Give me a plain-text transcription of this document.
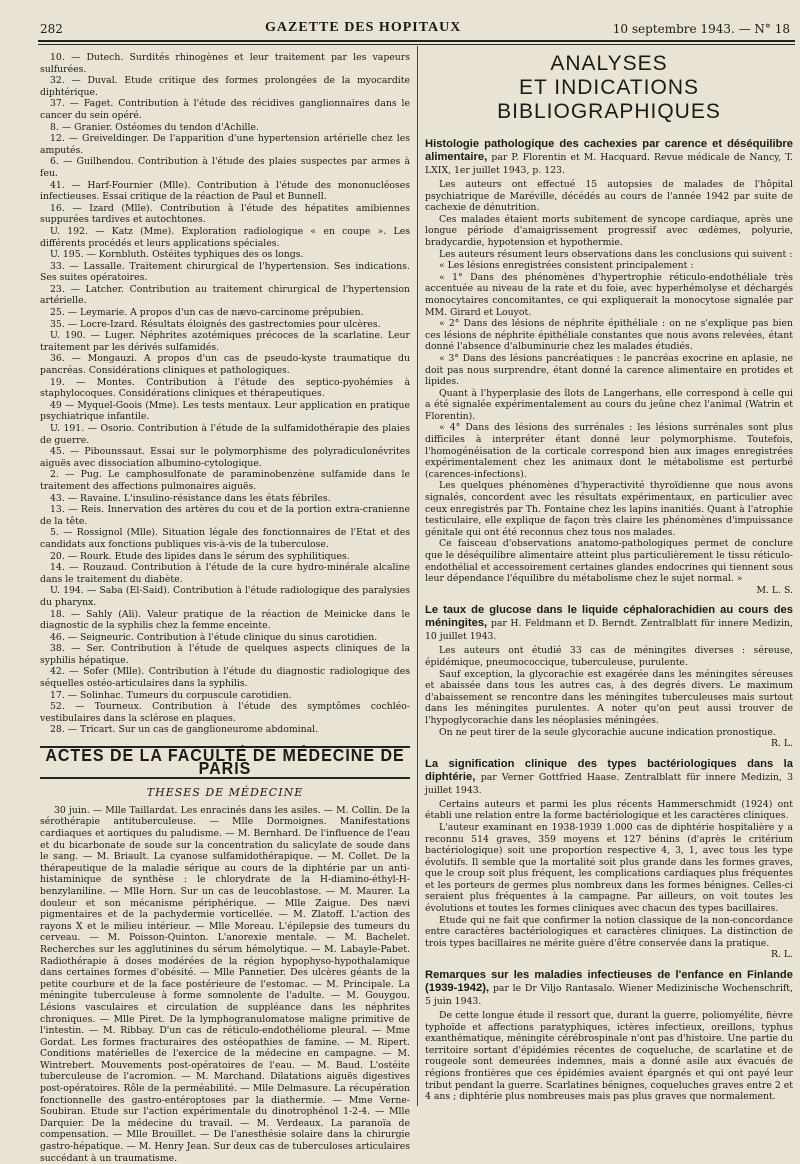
282	GAZETTE DES HOPITAUX	10 septembre 1943. — N° 18

10. — Dutech. Surdités rhinogènes et leur traitement par les vapeurs sulfurées.

32. — Duval. Etude critique des formes prolongées de la myocardite diphtérique.

37. — Faget. Contribution à l'étude des récidives ganglionnaires dans le cancer du sein opéré.

8. — Granier. Ostéomes du tendon d'Achille.

12. — Greiveldinger. De l'apparition d'une hypertension artérielle chez les amputés.

6. — Guilhendou. Contribution à l'étude des plaies suspectes par armes à feu.

41. — Harf-Fournier (Mlle). Contribution à l'étude des mononucléoses infectieuses. Essai critique de la réaction de Paul et Bunnell.

16. — Izard (Mlle). Contribution à l'étude des hépatites amibiennes suppurées tardives et autochtones.

U. 192. — Katz (Mme). Exploration radiologique « en coupe ». Les différents procédés et leurs applications spéciales.

U. 195. — Kornbluth. Ostéites typhiques des os longs.

33. — Lassalle. Traitement chirurgical de l'hypertension. Ses indications. Ses suites opératoires.

23. — Latcher. Contribution au traitement chirurgical de l'hypertension artérielle.

25. — Leymarie. A propos d'un cas de nævo-carcinome prépubien.

35. — Locre-Izard. Résultats éloignés des gastrectomies pour ulcères.

U. 190. — Luger. Néphrites azotémiques précoces de la scarlatine. Leur traitement par les dérivés sulfamidés.

36. — Mongauzi. A propos d'un cas de pseudo-kyste traumatique du pancréas. Considérations cliniques et pathologiques.

19. — Montes. Contribution à l'étude des septico-pyohémies à staphylocoques. Considérations cliniques et thérapeutiques.

49 — Myquel-Goois (Mme). Les tests mentaux. Leur application en pratique psychiatrique infantile.

U. 191. — Osorio. Contribution à l'étude de la sulfamidothérapie des plaies de guerre.

45. — Pibounssaut. Essai sur le polymorphisme des polyradiculonévrites aiguës avec dissociation albumino-cytologique.

2. — Pug. Le camphosulfonate de paraminobenzène sulfamide dans le traitement des affections pulmonaires aiguës.

43. — Ravaine. L'insulino-résistance dans les états fébriles.

13. — Reis. Innervation des artères du cou et de la portion extra-cranienne de la tête.

5. — Rossignol (Mlle). Situation légale des fonctionnaires de l'Etat et des candidats aux fonctions publiques vis-à-vis de la tuberculose.

20. — Rourk. Etude des lipides dans le sérum des syphilitiques.

14. — Rouzaud. Contribution à l'étude de la cure hydro-minérale alcaline dans le traitement du diabète.

U. 194. — Saba (El-Said). Contribution à l'étude radiologique des paralysies du pharynx.

18. — Sahly (Ali). Valeur pratique de la réaction de Meinicke dans le diagnostic de la syphilis chez la femme enceinte.

46. — Seigneuric. Contribution à l'étude clinique du sinus carotidien.

38. — Ser. Contribution à l'étude de quelques aspects cliniques de la syphilis hépatique.

42. — Sofer (Mlle). Contribution à l'étude du diagnostic radiologique des séquelles ostéo-articulaires dans la syphilis.

17. — Solinhac. Tumeurs du corpuscule carotidien.

52. — Tourneux. Contribution à l'étude des symptômes cochléo-vestibulaires dans la sclérose en plaques.

28. — Tricart. Sur un cas de ganglioneurome abdominal.

ACTES DE LA FACULTÉ DE MÉDECINE DE PARIS
THESES DE MÉDECINE

30 juin. — Mlle Taillardat. Les enracinés dans les asiles. — M. Collin. De la sérothérapie antituberculeuse. — Mlle Dormoignes. Manifestations cardiaques et aortiques du paludisme. — M. Bernhard. De l'influence de l'eau et du bicarbonate de soude sur la concentration du salicylate de soude dans le sang. — M. Briault. La cyanose sulfamidothérapique. — M. Collet. De la thérapeutique de la maladie sérique au cours de la diphtérie par un anti-histaminique de synthèse : le chlorydrate de la H-diamino-éthyl-H-benzylaniline. — Mlle Horn. Sur un cas de leucoblastose. — M. Maurer. La douleur et son mécanisme périphérique. — Mlle Zaigue. Des nævi pigmentaires et de la pachydermie vorticellée. — M. Zlatoff. L'action des rayons X et le milieu intérieur. — Mlle Moreau. L'épilepsie des tumeurs du cerveau. — M. Poisson-Quinton. L'anorexie mentale. — M. Bachelet. Recherches sur les agglutinines du sérum hémolytique. — M. Labayle-Pabet. Radiothérapie à doses modérées de la région hypophyso-hypothalamique dans certaines formes d'obésité. — Mlle Pannetier. Des ulcères géants de la petite courbure et de la face postérieure de l'estomac. — M. Principale. La méningite tuberculeuse à forme somnolente de l'adulte. — M. Gouygou. Lésions vasculaires et circulation de suppléance dans les néphrites chroniques. — Mlle Piret. De la lymphogranulomatose maligne primitive de l'intestin. — M. Ribbay. D'un cas de réticulo-endothéliome pleural. — Mme Gordat. Les formes fracturaires des ostéopathies de famine. — M. Ripert. Conditions matérielles de l'exercice de la médecine en campagne. — M. Wintrebert. Mouvements post-opératoires de l'eau. — M. Baud. L'ostéite tuberculeuse de l'acromion. — M. Marchand. Dilatations aiguës digestives post-opératoires. Rôle de la perméabilité. — Mlle Delmasure. La récupération fonctionnelle des gastro-entéroptoses par la diathermie. — Mme Verne-Soubiran. Etude sur l'action expérimentale du dinotrophénol 1-2-4. — Mlle Darquier. De la médecine du travail. — M. Verdeaux. La paranoïa de compensation. — Mlle Brouillet. — De l'anesthésie solaire dans la chirurgie gastro-hépatique. — M. Henry Jean. Sur deux cas de tuberculoses articulaires succédant à un traumatisme.

ANALYSES
ET INDICATIONS BIBLIOGRAPHIQUES
Histologie pathologique des cachexies par carence et déséquilibre alimentaire, par P. Florentin et M. Hacquard. Revue médicale de Nancy, T. LXIX, 1er juillet 1943, p. 123.

Les auteurs ont effectué 15 autopsies de malades de l'hôpital psychiatrique de Maréville, décédés au cours de l'année 1942 par suite de cachexie de dénutrition.

Ces malades étaient morts subitement de syncope cardiaque, après une longue période d'amaigrissement progressif avec œdèmes, polyurie, bradycardie, hypotension et hypothermie.

Les auteurs résument leurs observations dans les conclusions qui suivent :

« Les lésions enregistrées consistent principalement :

« 1° Dans des phénomènes d'hypertrophie réticulo-endothéliale très accentuée au niveau de la rate et du foie, avec hyperhémolyse et déchargés monocytaires concomitantes, ce qui expliquerait la monocytose signalée par MM. Girard et Louyot.

« 2° Dans des lésions de néphrite épithéliale : on ne s'explique pas bien ces lésions de néphrite épithéliale constantes que nous avons relevées, étant donné l'absence d'albuminurie chez les malades étudiés.

« 3° Dans des lésions pancréatiques : le pancréas exocrine en aplasie, ne doit pas nous surprendre, étant donné la carence alimentaire en protides et lipides.

Quant à l'hyperplasie des îlots de Langerhans, elle correspond à celle qui a été signalée expérimentalement au cours du jeûne chez l'animal (Watrin et Florentin).

« 4° Dans des lésions des surrénales : les lésions surrénales sont plus difficiles à interpréter étant donné leur polymorphisme. Toutefois, l'homogénéisation de la corticale correspond bien aux images enregistrées expérimentalement chez les animaux dont le métabolisme est perturbé (carences-infections).

Les quelques phénomènes d'hyperactivité thyroïdienne que nous avons signalés, concordent avec les résultats expérimentaux, en particulier avec ceux enregistrés par Th. Fontaine chez les lapins inanitiés. Quant à l'atrophie testiculaire, elle explique de façon très claire les phénomènes d'impuissance génitale qui ont été reconnus chez tous nos malades.

Ce faisceau d'observations anatomo-pathologiques permet de conclure que le déséquilibre alimentaire atteint plus particulièrement le tissu réticulo-endothélial et accessoirement certaines glandes endocrines qui tiennent sous leur dépendance l'équilibre du métabolisme chez le sujet normal. »

M. L. S.

Le taux de glucose dans le liquide céphalorachidien au cours des méningites, par H. Feldmann et D. Berndt. Zentralblatt für innere Medizin, 10 juillet 1943.

Les auteurs ont étudié 33 cas de méningites diverses : séreuse, épidémique, pneumococcique, tuberculeuse, purulente.

Sauf exception, la glycorachie est exagérée dans les méningites séreuses et abaissée dans tous les autres cas, à des degrés divers. Le maximum d'abaissement se rencontre dans les méningites tuberculeuses mais surtout dans les méningites purulentes. A noter qu'on peut aussi trouver de l'hypoglycorachie dans les néoplasies méningées.

On ne peut tirer de la seule glycorachie aucune indication pronostique.

R. L.

La signification clinique des types bactériologiques dans la diphtérie, par Verner Gottfried Haase. Zentralblatt für innere Medizin, 3 juillet 1943.

Certains auteurs et parmi les plus récents Hammerschmidt (1924) ont établi une relation entre la forme bactériologique et les caractères cliniques.

L'auteur examinant en 1938-1939 1.000 cas de diphtérie hospitalière y a reconnu 514 graves, 359 moyens et 127 bénins (d'après le critérium bactériologique) soit une proportion respective 4, 3, 1, avec tous les type évolutifs. Il semble que la mortalité soit plus grande dans les formes graves, que le croup soit plus fréquent, les complications cardiaques plus fréquentes et les porteurs de germes plus nombreux dans les formes bénignes. Celles-ci seraient plus fréquentes à la campagne. Par ailleurs, on voit toutes les évolutions et toutes les formes cliniques avec chacun des types bacillaires.

Etude qui ne fait que confirmer la notion classique de la non-concordance entre caractères bactériologiques et caractères cliniques. La distinction de trois types bacillaires ne mérite guère d'être conservée dans la pratique.

R. L.

Remarques sur les maladies infectieuses de l'enfance en Finlande (1939-1942), par le Dr Viljo Rantasalo. Wiener Medizinische Wochenschrift, 5 juin 1943.

De cette longue étude il ressort que, durant la guerre, poliomyélite, fièvre typhoïde et affections paratyphiques, ictères infectieux, oreillons, typhus exanthématique, méningite cérébrospinale n'ont pas d'histoire. Une partie du territoire sortant d'épidémies récentes de coqueluche, de scarlatine et de rougeole sont demeurées indemnes, mais a donné asile aux évacués de régions frontières que ces épidémies avaient épargnés et qui ont payé leur tribut pendant la guerre. Scarlatines bénignes, coqueluches graves entre 2 et 4 ans ; diphtérie plus nombreuses mais pas plus graves que normalement.
